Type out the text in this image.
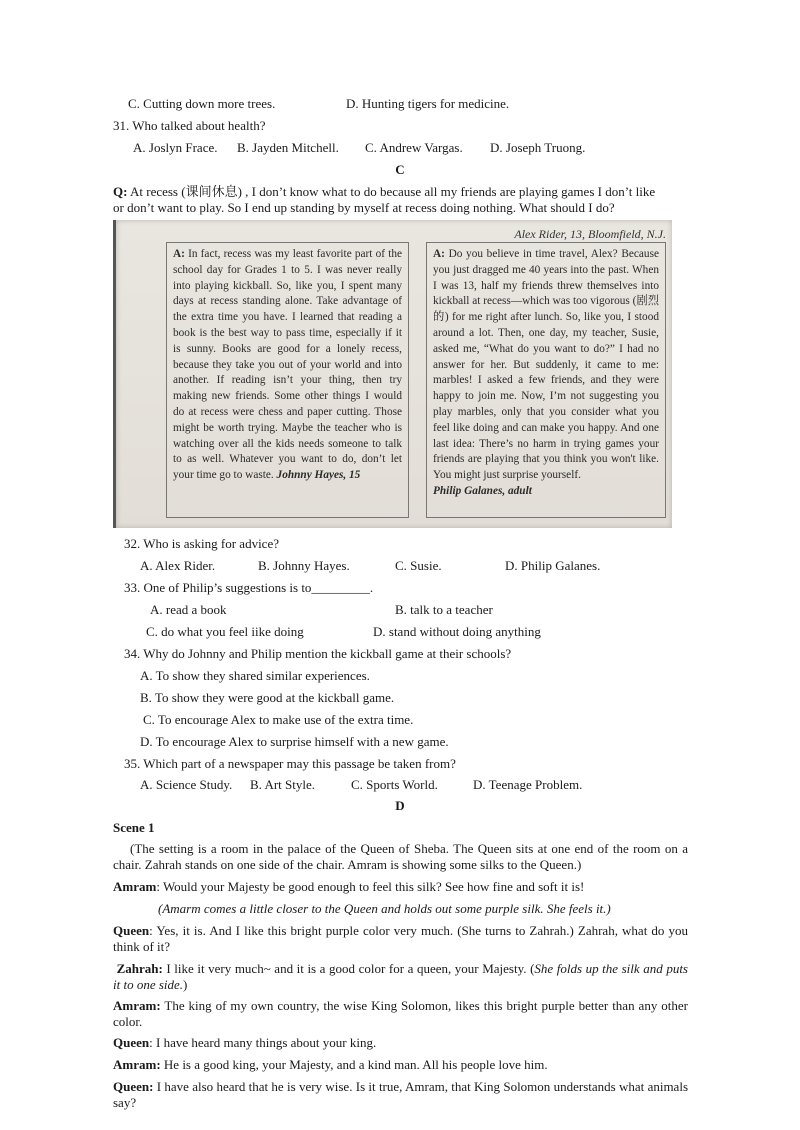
C. Cutting down more trees.	D. Hunting tigers for medicine.
31. Who talked about health?
A. Joslyn Frace. B. Jayden Mitchell. C. Andrew Vargas. D. Joseph Truong.
C
Q: At recess (课间休息) , I don’t know what to do because all my friends are playing games I don’t like
or don’t want to play. So I end up standing by myself at recess doing nothing. What should I do?
Alex Rider, 13, Bloomfield, N.J.
A: In fact, recess was my least favorite part of the school day for Grades 1 to 5. I was never really into playing kickball. So, like you, I spent many days at recess standing alone. Take advantage of the extra time you have. I learned that reading a book is the best way to pass time, especially if it is sunny. Books are good for a lonely recess, because they take you out of your world and into another. If reading isn’t your thing, then try making new friends. Some other things I would do at recess were chess and paper cutting. Those might be worth trying. Maybe the teacher who is watching over all the kids needs someone to talk to as well. Whatever you want to do, don’t let your time go to waste. Johnny Hayes, 15
A: Do you believe in time travel, Alex? Because you just dragged me 40 years into the past. When I was 13, half my friends threw themselves into kickball at recess—which was too vigorous (剧烈的) for me right after lunch. So, like you, I stood around a lot. Then, one day, my teacher, Susie, asked me, “What do you want to do?” I had no answer for her. But suddenly, it came to me: marbles! I asked a few friends, and they were happy to join me. Now, I’m not suggesting you play marbles, only that you consider what you feel like doing and can make you happy. And one last idea: There’s no harm in trying games your friends are playing that you think you won't like. You might just surprise yourself.
Philip Galanes, adult
32. Who is asking for advice?
A. Alex Rider.	B. Johnny Hayes.	C. Susie.	D. Philip Galanes.
33. One of Philip’s suggestions is to_________.
A. read a book	B. talk to a teacher
C. do what you feel iike doing	D. stand without doing anything
34. Why do Johnny and Philip mention the kickball game at their schools?
A. To show they shared similar experiences.
B. To show they were good at the kickball game.
C. To encourage Alex to make use of the extra time.
D. To encourage Alex to surprise himself with a new game.
35. Which part of a newspaper may this passage be taken from?
A. Science Study. B. Art Style.	C. Sports World.	D. Teenage Problem.
D
Scene 1
(The setting is a room in the palace of the Queen of Sheba. The Queen sits at one end of the room on a chair. Zahrah stands on one side of the chair. Amram is showing some silks to the Queen.)
Amram: Would your Majesty be good enough to feel this silk? See how fine and soft it is!
(Amarm comes a little closer to the Queen and holds out some purple silk. She feels it.)
Queen: Yes, it is. And I like this bright purple color very much. (She turns to Zahrah.) Zahrah, what do you think of it?
Zahrah: I like it very much~ and it is a good color for a queen, your Majesty. (She folds up the silk and puts it to one side.)
Amram: The king of my own country, the wise King Solomon, likes this bright purple better than any other color.
Queen: I have heard many things about your king.
Amram: He is a good king, your Majesty, and a kind man. All his people love him.
Queen: I have also heard that he is very wise. Is it true, Amram, that King Solomon understands what animals say?
